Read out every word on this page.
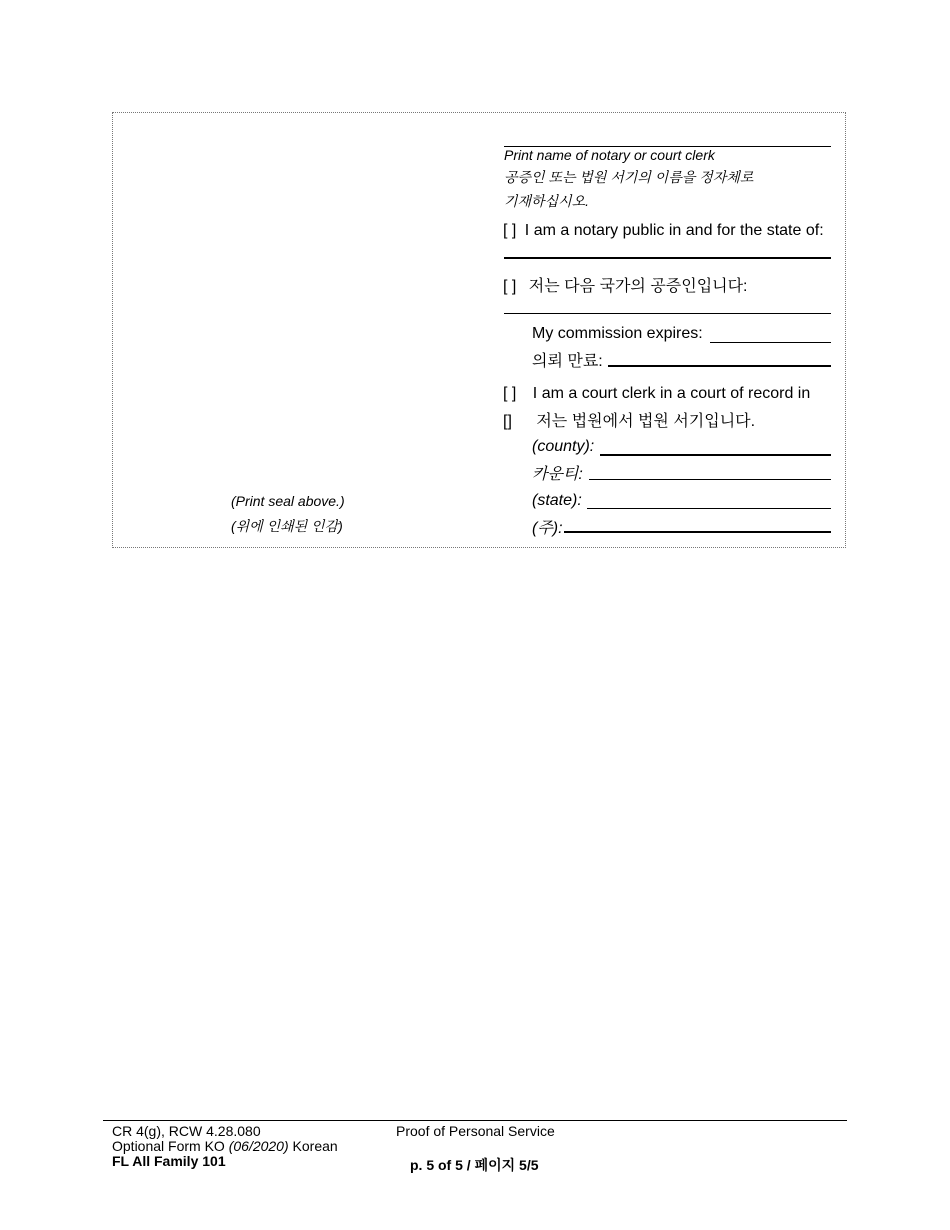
Print name of notary or court clerk
공증인 또는 법원 서기의 이름을 정자체로
기재하십시오.
[ ] I am a notary public in and for the state of:
[ ] 저는 다음 국가의 공증인입니다:
My commission expires:
의뢰 만료:
[ ] I am a court clerk in a court of record in
[] 저는 법원에서 법원 서기입니다.
(county):
카운티:
(Print seal above.)
(위에 인쇄된 인감)
(state):
(주):
CR 4(g), RCW 4.28.080
Optional Form KO (06/2020) Korean
FL All Family 101
Proof of Personal Service
p. 5 of 5 / 페이지 5/5
